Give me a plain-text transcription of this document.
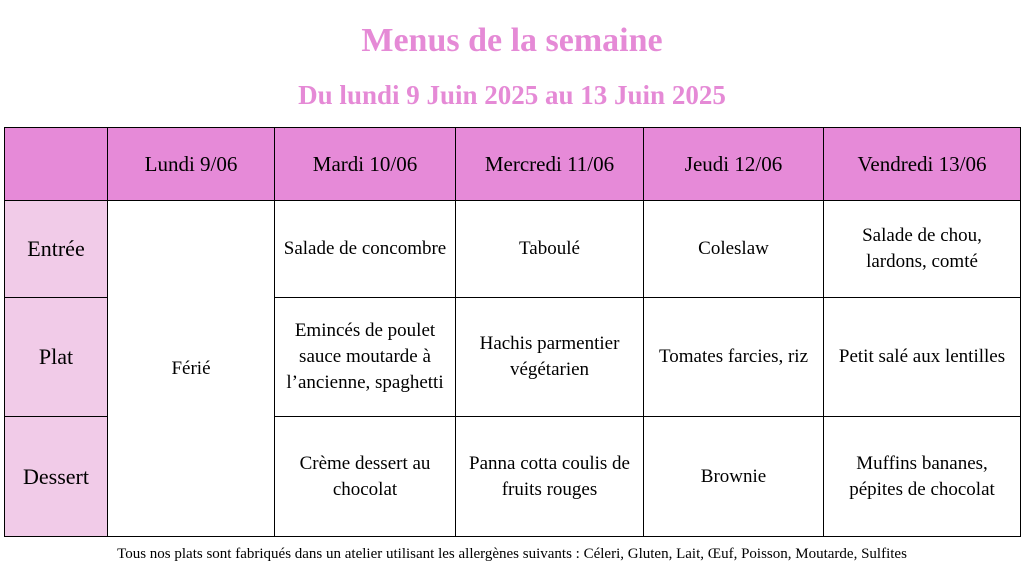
Menus de la semaine
Du lundi 9 Juin 2025 au 13 Juin 2025
	Lundi 9/06	Mardi 10/06	Mercredi 11/06	Jeudi 12/06	Vendredi 13/06
Entrée	Férié	Salade de concombre	Taboulé	Coleslaw	Salade de chou, lardons, comté
Plat		Emincés de poulet sauce moutarde à l’ancienne, spaghetti	Hachis parmentier végétarien	Tomates farcies, riz	Petit salé aux lentilles
Dessert		Crème dessert au chocolat	Panna cotta coulis de fruits rouges	Brownie	Muffins bananes, pépites de chocolat
Tous nos plats sont fabriqués dans un atelier utilisant les allergènes suivants : Céleri, Gluten, Lait, Œuf, Poisson, Moutarde, Sulfites
